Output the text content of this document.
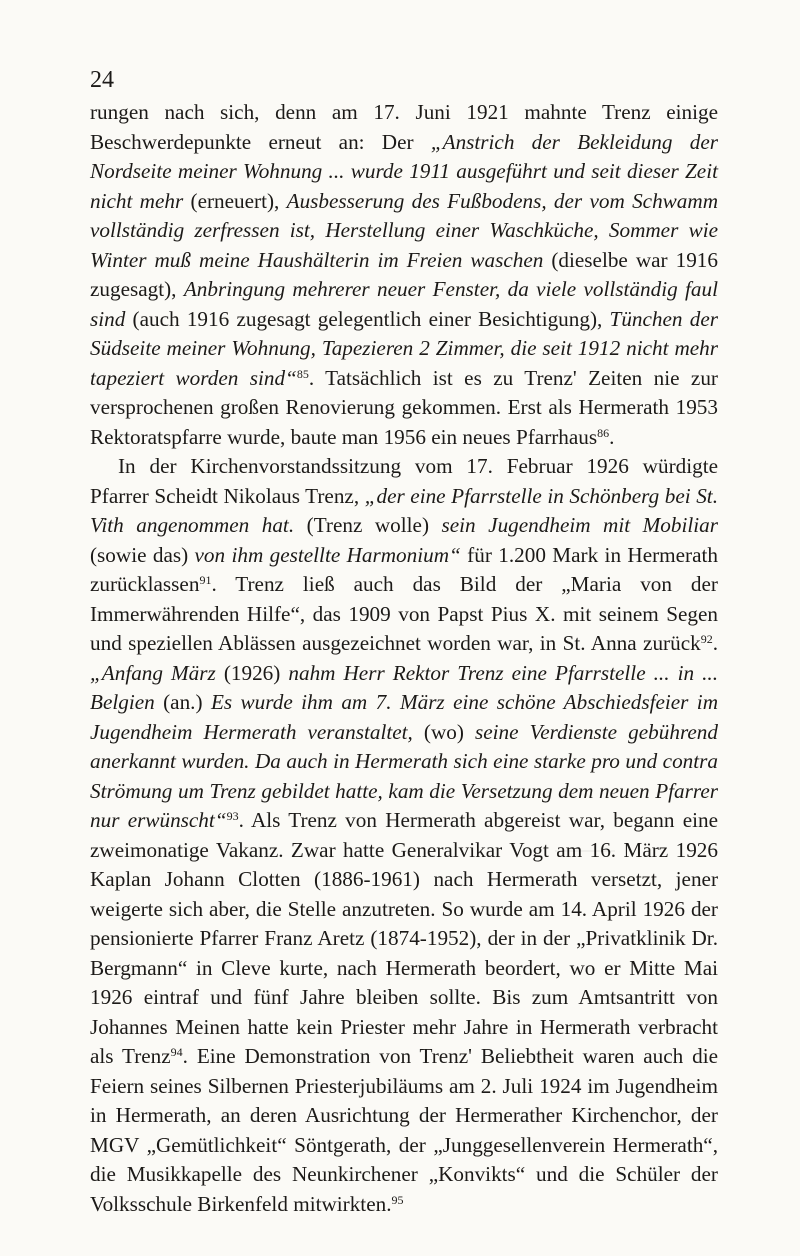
24

rungen nach sich, denn am 17. Juni 1921 mahnte Trenz einige Beschwerdepunkte erneut an: Der „Anstrich der Bekleidung der Nordseite meiner Wohnung ... wurde 1911 ausgeführt und seit dieser Zeit nicht mehr (erneuert), Ausbesserung des Fußbodens, der vom Schwamm vollständig zerfressen ist, Herstellung einer Waschküche, Sommer wie Winter muß meine Haushälterin im Freien waschen (dieselbe war 1916 zugesagt), Anbringung mehrerer neuer Fenster, da viele vollständig faul sind (auch 1916 zugesagt gelegentlich einer Besichtigung), Tünchen der Südseite meiner Wohnung, Tapezieren 2 Zimmer, die seit 1912 nicht mehr tapeziert worden sind“$^{85}$. Tatsächlich ist es zu Trenz' Zeiten nie zur versprochenen großen Renovierung gekommen. Erst als Hermerath 1953 Rektoratspfarre wurde, baute man 1956 ein neues Pfarrhaus$^{86}$.

In der Kirchenvorstandssitzung vom 17. Februar 1926 würdigte Pfarrer Scheidt Nikolaus Trenz, „der eine Pfarrstelle in Schönberg bei St. Vith angenommen hat. (Trenz wolle) sein Jugendheim mit Mobiliar (sowie das) von ihm gestellte Harmonium“ für 1.200 Mark in Hermerath zurücklassen$^{91}$. Trenz ließ auch das Bild der „Maria von der Immerwährenden Hilfe“, das 1909 von Papst Pius X. mit seinem Segen und speziellen Ablässen ausgezeichnet worden war, in St. Anna zurück$^{92}$. „Anfang März (1926) nahm Herr Rektor Trenz eine Pfarrstelle ... in ... Belgien (an.) Es wurde ihm am 7. März eine schöne Abschiedsfeier im Jugendheim Hermerath veranstaltet, (wo) seine Verdienste gebührend anerkannt wurden. Da auch in Hermerath sich eine starke pro und contra Strömung um Trenz gebildet hatte, kam die Versetzung dem neuen Pfarrer nur erwünscht“$^{93}$. Als Trenz von Hermerath abgereist war, begann eine zweimonatige Vakanz. Zwar hatte Generalvikar Vogt am 16. März 1926 Kaplan Johann Clotten (1886-1961) nach Hermerath versetzt, jener weigerte sich aber, die Stelle anzutreten. So wurde am 14. April 1926 der pensionierte Pfarrer Franz Aretz (1874-1952), der in der „Privatklinik Dr. Bergmann“ in Cleve kurte, nach Hermerath beordert, wo er Mitte Mai 1926 eintraf und fünf Jahre bleiben sollte. Bis zum Amtsantritt von Johannes Meinen hatte kein Priester mehr Jahre in Hermerath verbracht als Trenz$^{94}$. Eine Demonstration von Trenz' Beliebtheit waren auch die Feiern seines Silbernen Priesterjubiläums am 2. Juli 1924 im Jugendheim in Hermerath, an deren Ausrichtung der Hermerather Kirchenchor, der MGV „Gemütlichkeit“ Söntgerath, der „Junggesellenverein Hermerath“, die Musikkapelle des Neunkirchener „Konvikts“ und die Schüler der Volksschule Birkenfeld mitwirkten.$^{95}$
